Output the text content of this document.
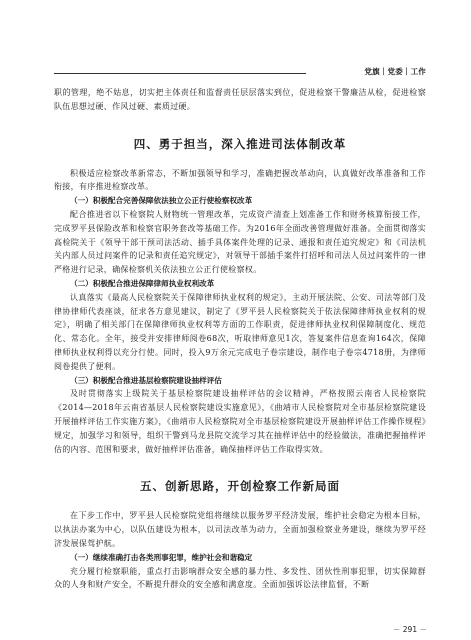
党旗｜党委｜工作

职的管理，绝不姑息，切实把主体责任和监督责任层层落实到位，促进检察干警廉洁从检，促进检察队伍思想过硬、作风过硬、素质过硬。

四、勇于担当，深入推进司法体制改革

积极适应检察改革新常态，不断加强领导和学习，准确把握改革动向，认真做好改革准备和工作衔接，有序推进检察改革。

（一）积极配合完善保障依法独立公正行使检察权改革

配合推进省以下检察院人财物统一管理改革，完成资产清查上划准备工作和财务核算衔接工作，完成罗平县保险改革和检察官职务套改等基础工作。为2016年全面改善管理做好准备。全面贯彻落实高检院关于《领导干部干预司法活动、插手具体案件处理的记录、通报和责任追究规定》和《司法机关内部人员过问案件的记录和责任追究规定》，对领导干部插手案件打招呼和司法人员过问案件的一律严格进行记录，确保检察机关依法独立公正行使检察权。

（二）积极配合推进保障律师执业权利改革

认真落实《最高人民检察院关于保障律师执业权利的规定》，主动开展法院、公安、司法等部门及律协律师代表座谈，征求各方意见建议，制定了《罗平县人民检察院关于依法保障律师执业权利的规定》，明确了相关部门在保障律师执业权利等方面的工作职责，促进律师执业权利保障制度化、规范化、常态化。全年，接受并安排律师阅卷68次，听取律师意见1次，答复案件信息查询164次，保障律师执业权利得以充分行使。同时，投入9万余元完成电子卷宗建设，制作电子卷宗4718册，为律师阅卷提供了便利。

（三）积极配合推进基层检察院建设抽样评估

及时贯彻落实上级院关于基层检察院建设抽样评估的会议精神，严格按照云南省人民检察院《2014—2018年云南省基层人民检察院建设实施意见》，《曲靖市人民检察院对全市基层检察院建设开展抽样评估工作实施方案》，《曲靖市人民检察院对全市基层检察院建设开展抽样评估工作操作规程》规定，加强学习和领导，组织干警到马龙县院交流学习其在抽样评估中的经验做法，准确把握抽样评估的内容、范围和要求，做好抽样评估准备，确保抽样评估工作取得实效。

五、创新思路，开创检察工作新局面

在下步工作中，罗平县人民检察院党组将继续以服务罗平经济发展，维护社会稳定为根本目标，以执法办案为中心，以队伍建设为根本，以司法改革为动力，全面加强检察业务建设，继续为罗平经济发展保驾护航。

（一）继续准确打击各类刑事犯罪，维护社会和谐稳定

充分履行检察职能，重点打击影响群众安全感的暴力性、多发性、团伙性刑事犯罪，切实保障群众的人身和财产安全，不断提升群众的安全感和满意度。全面加强诉讼法律监督，不断

－ 291 －
